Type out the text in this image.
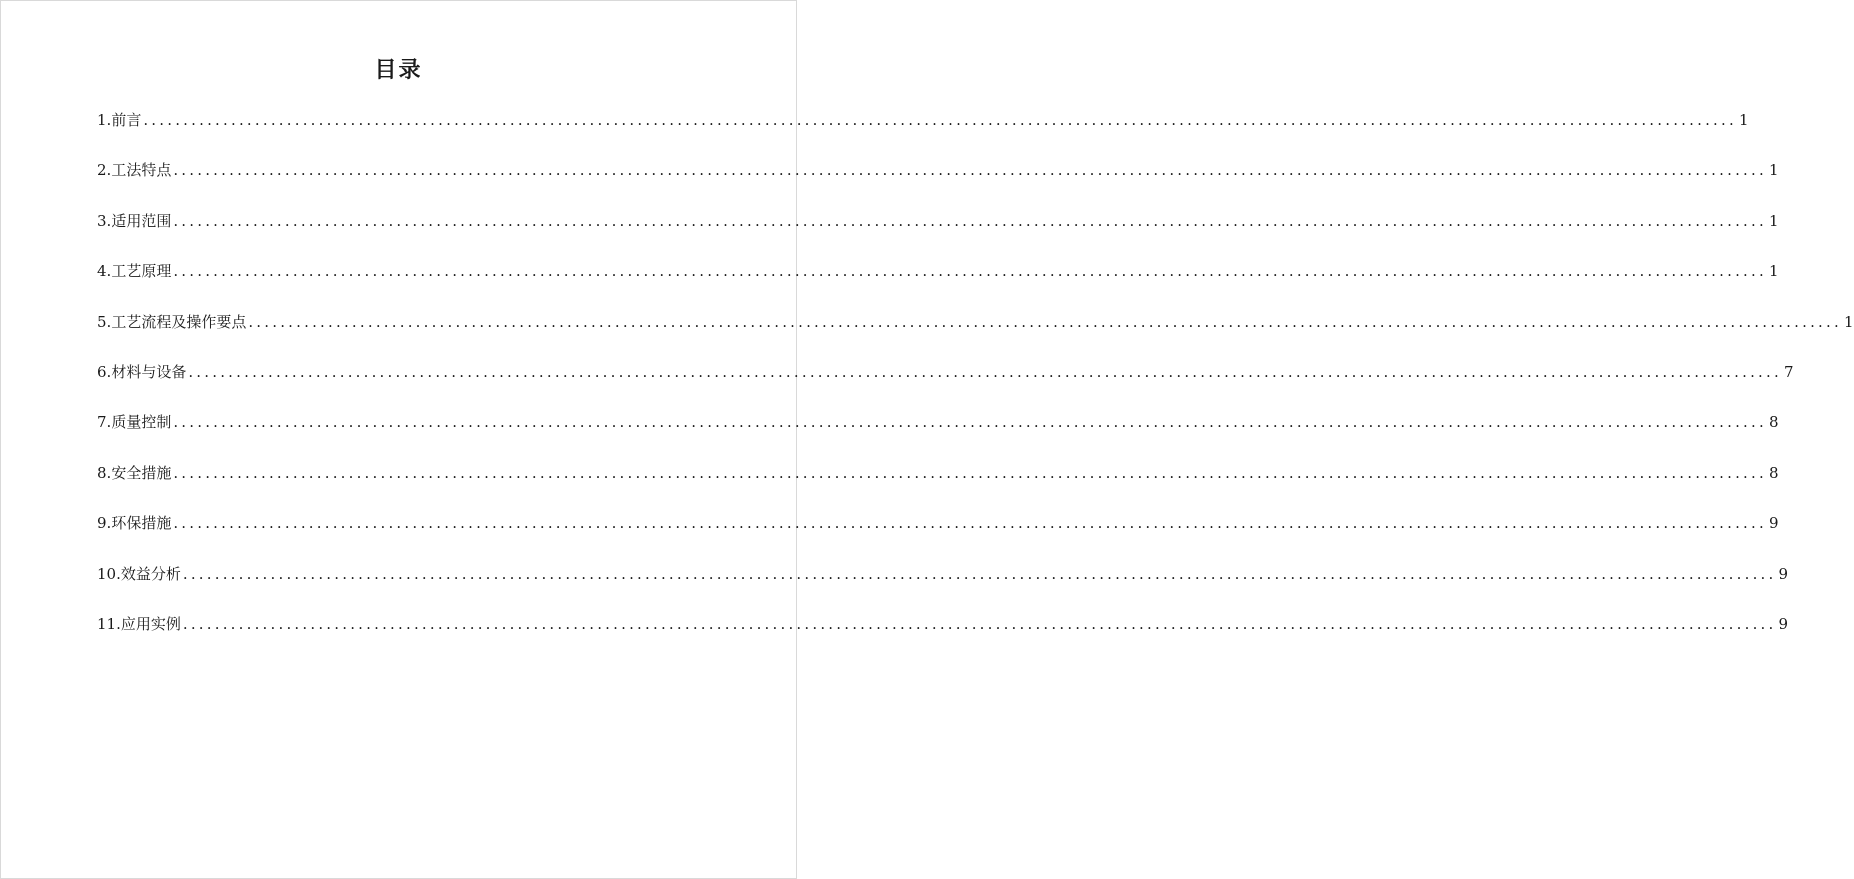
目录
1. 前言 ........................................................................................................................................................................................................ 1
2. 工法特点 ........................................................................................................................................................................................................ 1
3. 适用范围 ........................................................................................................................................................................................................ 1
4. 工艺原理 ........................................................................................................................................................................................................ 1
5. 工艺流程及操作要点 ........................................................................................................................................................................................................ 1
6. 材料与设备 ........................................................................................................................................................................................................ 7
7. 质量控制 ........................................................................................................................................................................................................ 8
8. 安全措施 ........................................................................................................................................................................................................ 8
9. 环保措施 ........................................................................................................................................................................................................ 9
10. 效益分析 ........................................................................................................................................................................................................ 9
11. 应用实例 ........................................................................................................................................................................................................ 9
